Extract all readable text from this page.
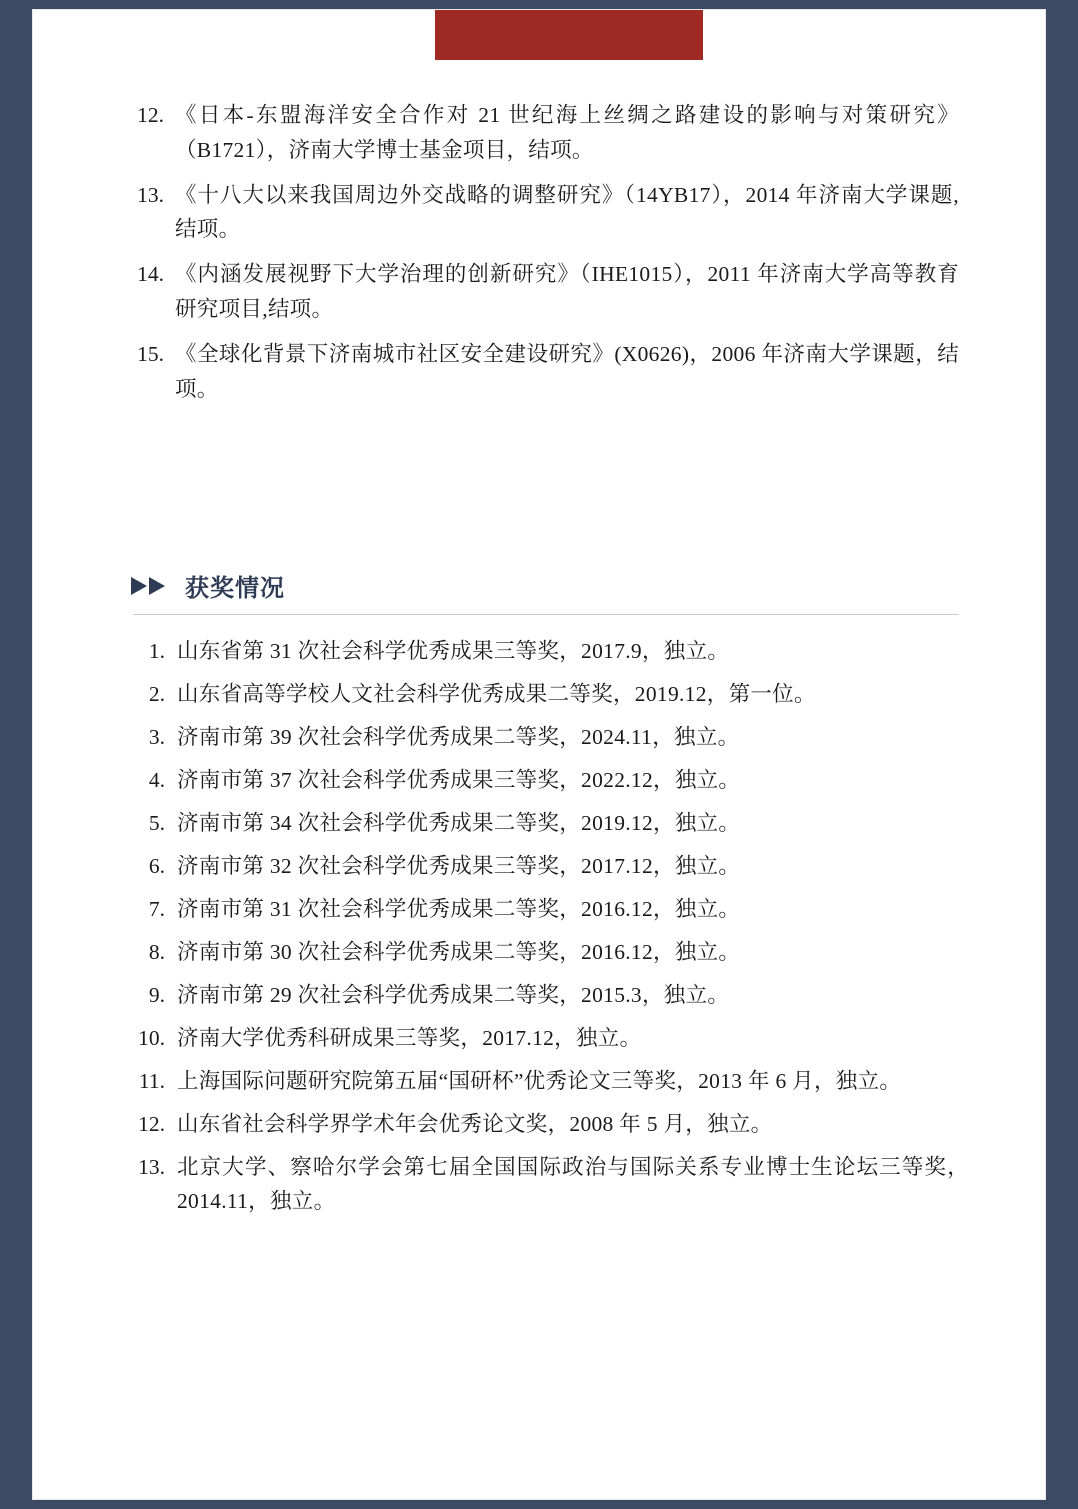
12. 《日本-东盟海洋安全合作对 21 世纪海上丝绸之路建设的影响与对策研究》（B1721），济南大学博士基金项目，结项。
13. 《十八大以来我国周边外交战略的调整研究》（14YB17），2014 年济南大学课题,结项。
14. 《内涵发展视野下大学治理的创新研究》（IHE1015），2011 年济南大学高等教育研究项目,结项。
15. 《全球化背景下济南城市社区安全建设研究》(X0626)，2006 年济南大学课题，结项。
获奖情况
1. 山东省第 31 次社会科学优秀成果三等奖，2017.9，独立。
2. 山东省高等学校人文社会科学优秀成果二等奖，2019.12，第一位。
3. 济南市第 39 次社会科学优秀成果二等奖，2024.11，独立。
4. 济南市第 37 次社会科学优秀成果三等奖，2022.12，独立。
5. 济南市第 34 次社会科学优秀成果二等奖，2019.12，独立。
6. 济南市第 32 次社会科学优秀成果三等奖，2017.12，独立。
7. 济南市第 31 次社会科学优秀成果二等奖，2016.12，独立。
8. 济南市第 30 次社会科学优秀成果二等奖，2016.12，独立。
9. 济南市第 29 次社会科学优秀成果二等奖，2015.3，独立。
10. 济南大学优秀科研成果三等奖，2017.12，独立。
11. 上海国际问题研究院第五届“国研杯”优秀论文三等奖，2013 年 6 月，独立。
12. 山东省社会科学界学术年会优秀论文奖，2008 年 5 月，独立。
13. 北京大学、察哈尔学会第七届全国国际政治与国际关系专业博士生论坛三等奖，2014.11，独立。
